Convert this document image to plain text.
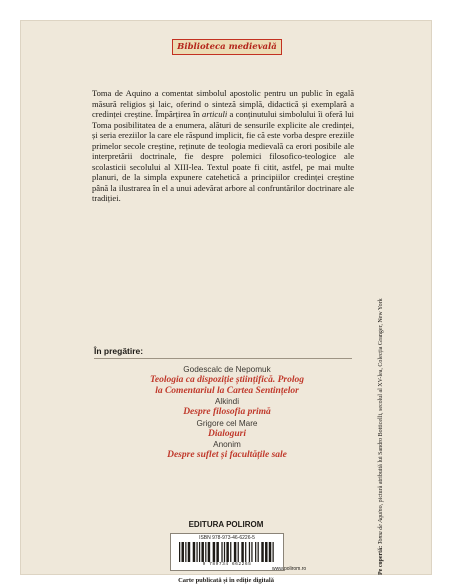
Biblioteca medievală

Toma de Aquino a comentat simbolul apostolic pentru un public în egală măsură religios și laic, oferind o sinteză simplă, didactică și exemplară a credinței creștine. Împărțirea în articuli a conținutului simbolului îi oferă lui Toma posibilitatea de a enumera, alături de sensurile explicite ale credinței, și seria ereziilor la care ele răspund implicit, fie că este vorba despre ereziile primelor secole creștine, reținute de teologia medievală ca erori posibile ale interpretării doctrinale, fie despre polemici filosofico-teologice ale scolasticii secolului al XIII-lea. Textul poate fi citit, astfel, pe mai multe planuri, de la simpla expunere catehetică a principiilor credinței creștine până la ilustrarea în el a unui adevărat arbore al confruntărilor doctrinare ale tradiției.

În pregătire:
Godescalc de Nepomuk
Teologia ca dispoziție științifică. Prolog
la Comentariul la Cartea Sentințelor
Alkindi
Despre filosofia primă
Grigore cel Mare
Dialoguri
Anonim
Despre suflet și facultățile sale
EDITURA POLIROM
ISBN 978-973-46-6226-5
9 789734 662265
www.polirom.ro
Carte publicată și în ediție digitală
Pe copertă: Toma de Aquino, pictură atribuită lui Sandro Botticelli, secolul al XV-lea, Colecția Granger, New York
